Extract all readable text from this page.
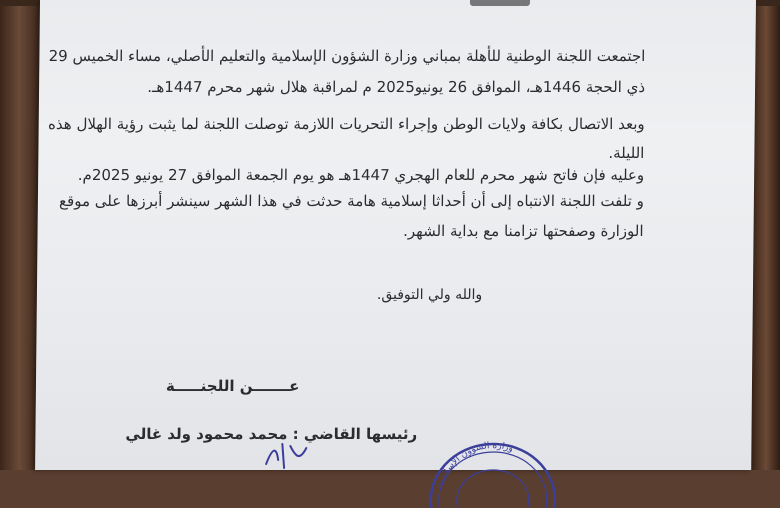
اجتمعت اللجنة الوطنية للأهلة بمباني وزارة الشؤون الإسلامية والتعليم الأصلي، مساء الخميس 29
ذي الحجة 1446هـ، الموافق 26 يونيو2025 م لمراقبة هلال شهر محرم 1447هـ.
وبعد الاتصال بكافة ولايات الوطن وإجراء التحريات اللازمة توصلت اللجنة لما يثبت رؤية الهلال هذه
الليلة.
وعليه فإن فاتح شهر محرم للعام الهجري 1447هـ هو يوم الجمعة الموافق 27 يونيو 2025م.
و تلفت اللجنة الانتباه إلى أن أحداثا إسلامية هامة حدثت في هذا الشهر سينشر أبرزها على موقع
الوزارة وصفحتها تزامنا مع بداية الشهر.
والله ولي التوفيق.
عـــــــن اللجنـــــة
رئيسها القاضي : محمد محمود ولد غالي
وزارة الشؤون الإسلامية
